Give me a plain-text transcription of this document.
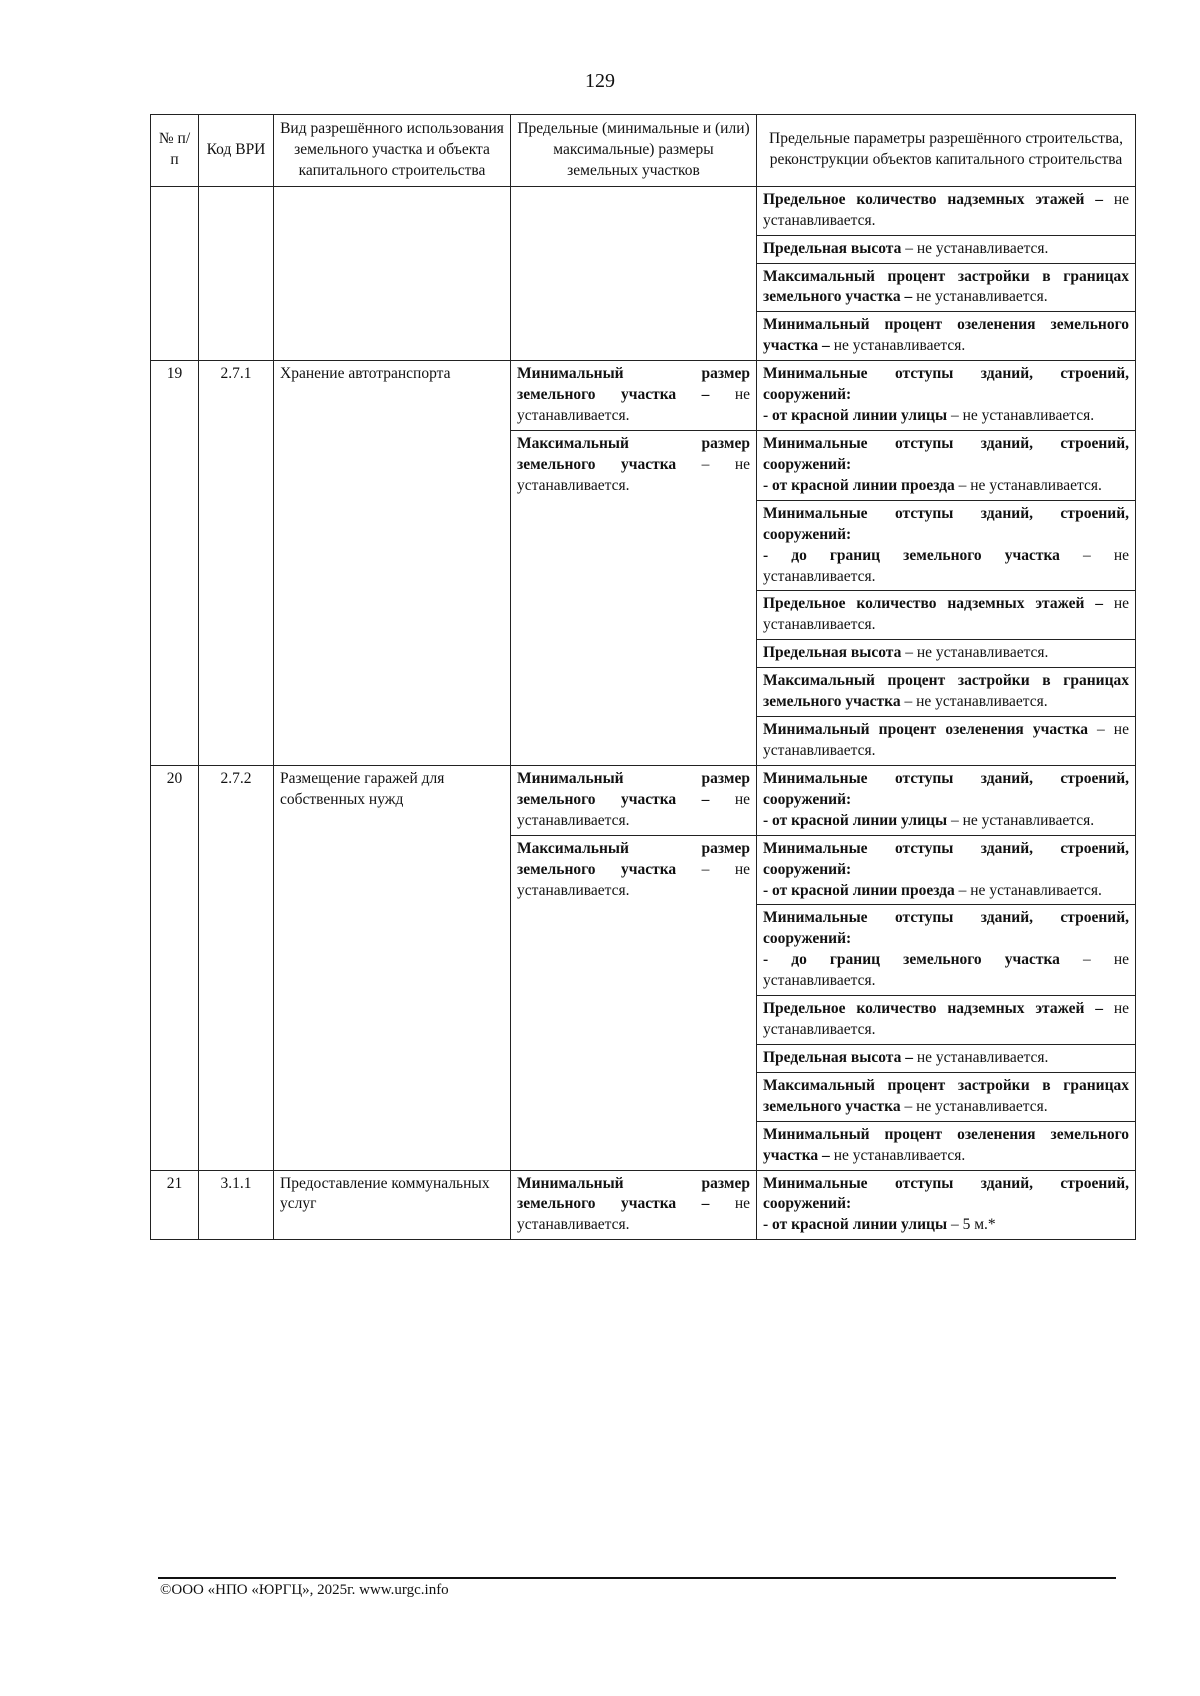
129
№ п/п	Код ВРИ	Вид разрешённого использования земельного участка и объекта капитального строительства	Предельные (минимальные и (или) максимальные) размеры земельных участков	Предельные параметры разрешённого строительства, реконструкции объектов капитального строительства
				Предельное количество надземных этажей – не устанавливается.
				Предельная высота – не устанавливается.
				Максимальный процент застройки в границах земельного участка – не устанавливается.
				Минимальный процент озеленения земельного участка – не устанавливается.
19	2.7.1	Хранение автотранспорта	Минимальный размер земельного участка – не устанавливается.	Минимальные отступы зданий, строений, сооружений:
- от красной линии улицы – не устанавливается.
			Максимальный размер земельного участка – не устанавливается.	Минимальные отступы зданий, строений, сооружений:
- от красной линии проезда – не устанавливается.
				Минимальные отступы зданий, строений, сооружений:
- до границ земельного участка – не устанавливается.
				Предельное количество надземных этажей – не устанавливается.
				Предельная высота – не устанавливается.
				Максимальный процент застройки в границах земельного участка – не устанавливается.
				Минимальный процент озеленения участка – не устанавливается.
20	2.7.2	Размещение гаражей для собственных нужд	Минимальный размер земельного участка – не устанавливается.	Минимальные отступы зданий, строений, сооружений:
- от красной линии улицы – не устанавливается.
			Максимальный размер земельного участка – не устанавливается.	Минимальные отступы зданий, строений, сооружений:
- от красной линии проезда – не устанавливается.
				Минимальные отступы зданий, строений, сооружений:
- до границ земельного участка – не устанавливается.
				Предельное количество надземных этажей – не устанавливается.
				Предельная высота – не устанавливается.
				Максимальный процент застройки в границах земельного участка – не устанавливается.
				Минимальный процент озеленения земельного участка – не устанавливается.
21	3.1.1	Предоставление коммунальных услуг	Минимальный размер земельного участка – не устанавливается.	Минимальные отступы зданий, строений, сооружений:
- от красной линии улицы – 5 м.*
©ООО «НПО «ЮРГЦ», 2025г. www.urgc.info
